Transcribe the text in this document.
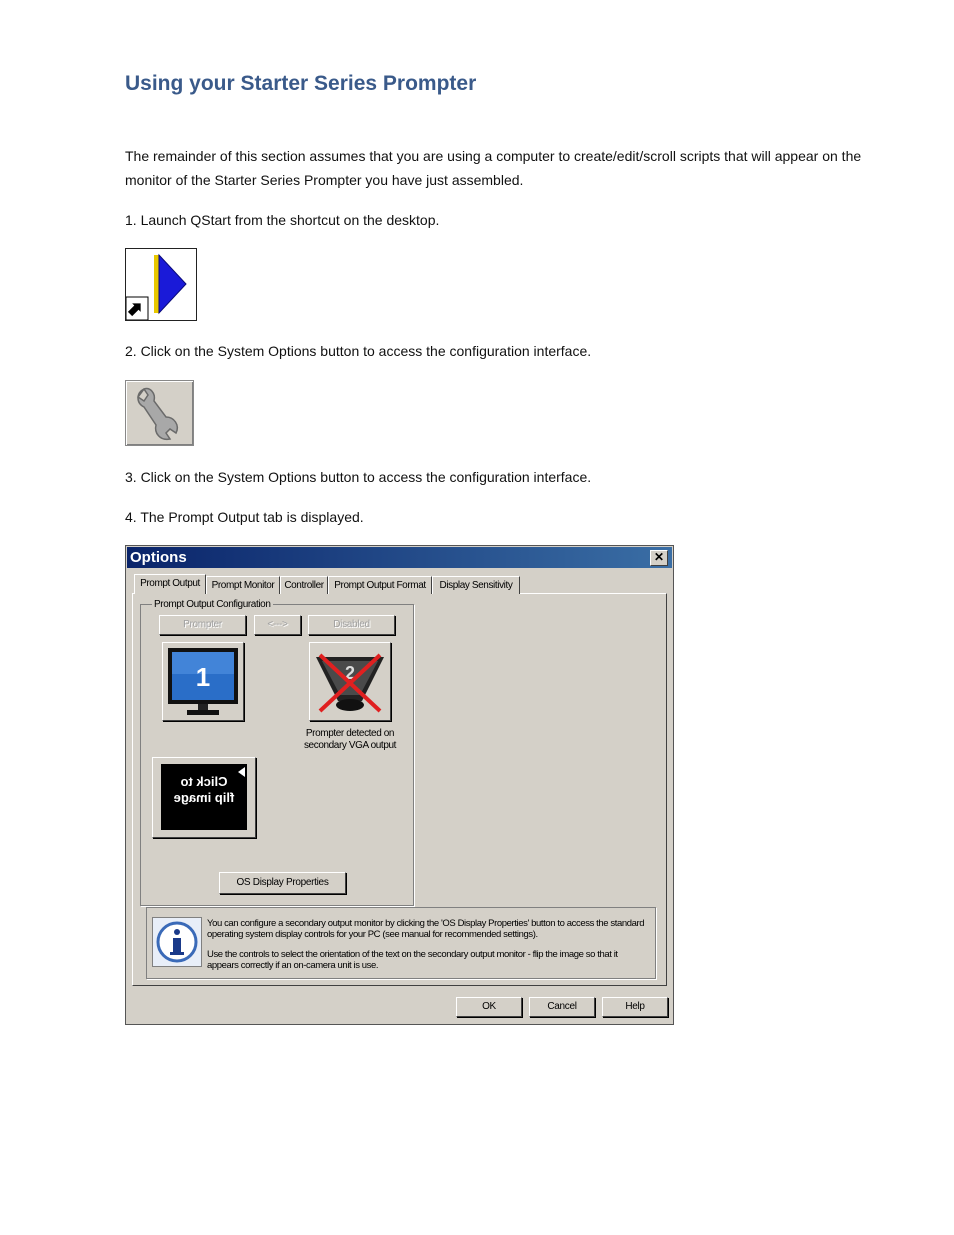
Using your Starter Series Prompter
The remainder of this section assumes that you are using a computer to create/edit/scroll scripts that will appear on the monitor of the Starter Series Prompter you have just assembled.
1. Launch QStart from the shortcut on the desktop.
2. Click on the System Options button to access the configuration interface.
3. Click on the System Options button to access the configuration interface.
4. The Prompt Output tab is displayed.
Options	✕
Prompt Output	Prompt Monitor Controller	Prompt Output Format	Display Sensitivity
Prompt Output Configuration
Prompter	<--->	Disabled
1	2
Prompter detected on secondary VGA output
Click to
flip image
OS Display Properties
You can configure a secondary output monitor by clicking the 'OS Display Properties' button to access the standard operating system display controls for your PC (see manual for recommended settings).
Use the controls to select the orientation of the text on the secondary output monitor - flip the image so that it appears correctly if an on-camera unit is use.
OK	Cancel	Help
